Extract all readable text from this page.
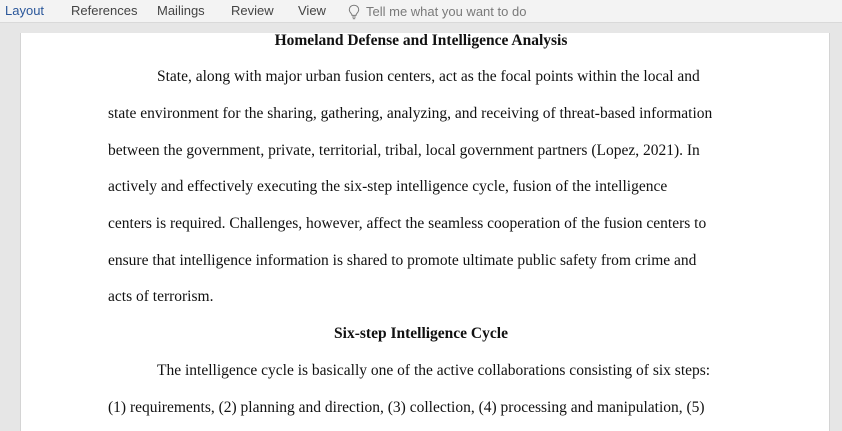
Layout References Mailings Review View	Tell me what you want to do
Homeland Defense and Intelligence Analysis
State, along with major urban fusion centers, act as the focal points within the local and
state environment for the sharing, gathering, analyzing, and receiving of threat-based information
between the government, private, territorial, tribal, local government partners (Lopez, 2021). In
actively and effectively executing the six-step intelligence cycle, fusion of the intelligence
centers is required. Challenges, however, affect the seamless cooperation of the fusion centers to
ensure that intelligence information is shared to promote ultimate public safety from crime and
acts of terrorism.
Six-step Intelligence Cycle
The intelligence cycle is basically one of the active collaborations consisting of six steps:
(1) requirements, (2) planning and direction, (3) collection, (4) processing and manipulation, (5)
